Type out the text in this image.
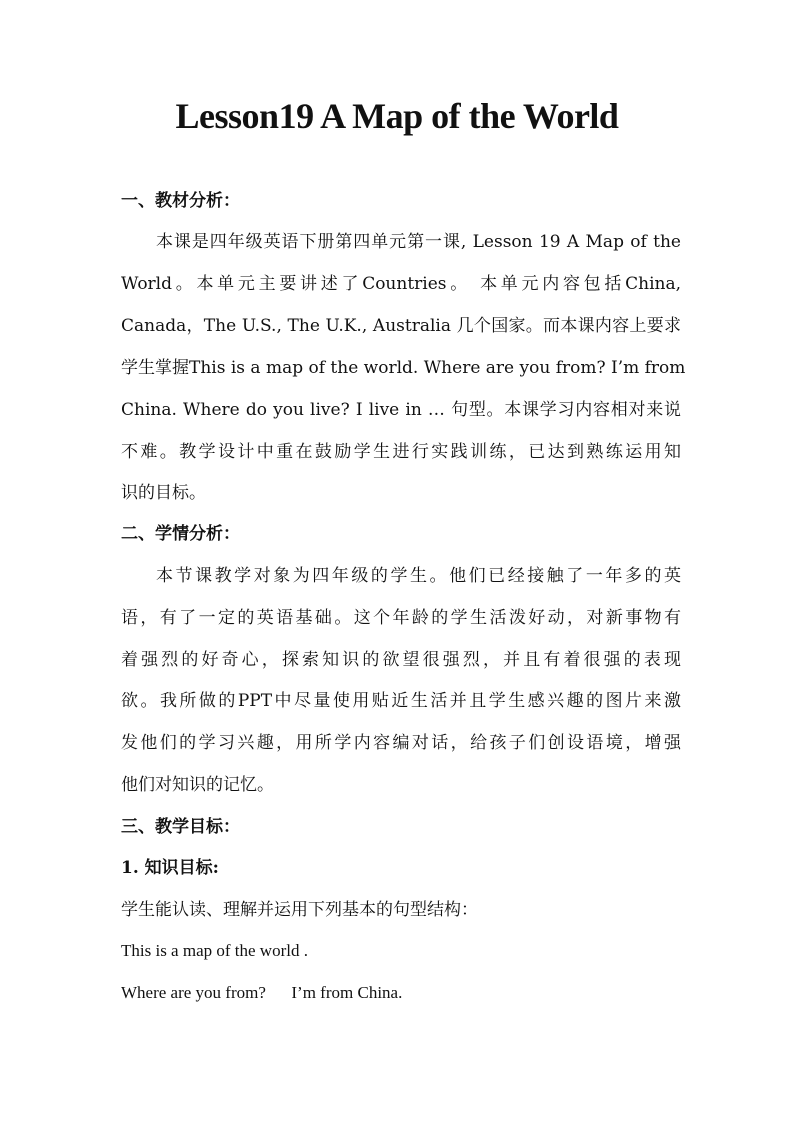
Lesson19 A Map of the World
一、教材分析：
本课是四年级英语下册第四单元第一课, Lesson 19 A Map of the
World。本单元主要讲述了Countries。 本单元内容包括China,
Canada，The U.S., The U.K., Australia 几个国家。而本课内容上要求
学生掌握This is a map of the world. Where are you from? I’m from
China. Where do you live? I live in … 句型。本课学习内容相对来说
不难。教学设计中重在鼓励学生进行实践训练，已达到熟练运用知
识的目标。
二、学情分析：
本节课教学对象为四年级的学生。他们已经接触了一年多的英
语，有了一定的英语基础。这个年龄的学生活泼好动，对新事物有
着强烈的好奇心，探索知识的欲望很强烈，并且有着很强的表现
欲。我所做的PPT中尽量使用贴近生活并且学生感兴趣的图片来激
发他们的学习兴趣，用所学内容编对话，给孩子们创设语境，增强
他们对知识的记忆。
三、教学目标：
1. 知识目标:
学生能认读、理解并运用下列基本的句型结构：
This is a map of the world .
Where are you from?      I’m from China.
